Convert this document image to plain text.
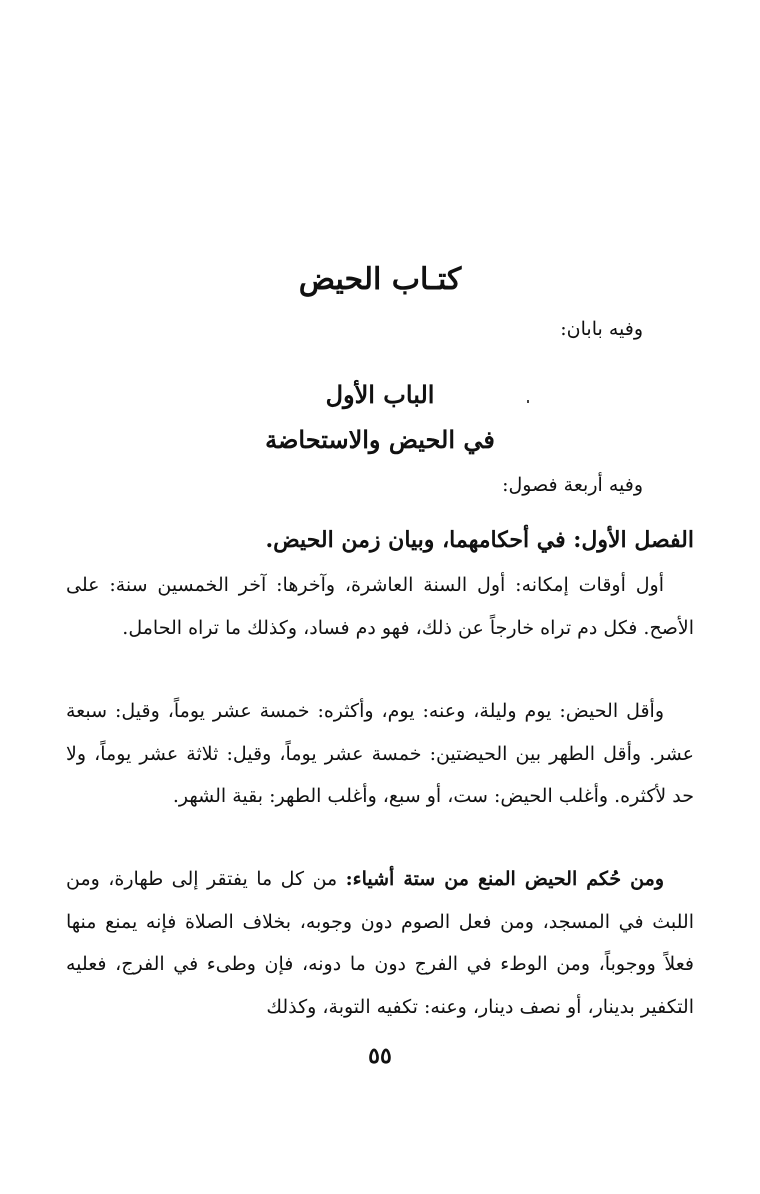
كتـاب الحيض

وفيه بابان:

الباب الأول
في الحيض والاستحاضة

وفيه أربعة فصول:

الفصل الأول: في أحكامهما، وبيان زمن الحيض.

أول أوقات إمكانه: أول السنة العاشرة، وآخرها: آخر الخمسين سنة: على الأصح. فكل دم تراه خارجاً عن ذلك، فهو دم فساد، وكذلك ما تراه الحامل.

وأقل الحيض: يوم وليلة، وعنه: يوم، وأكثره: خمسة عشر يوماً، وقيل: سبعة عشر. وأقل الطهر بين الحيضتين: خمسة عشر يوماً، وقيل: ثلاثة عشر يوماً، ولا حد لأكثره. وأغلب الحيض: ست، أو سبع، وأغلب الطهر: بقية الشهر.

ومن حُكم الحيض المنع من ستة أشياء: من كل ما يفتقر إلى طهارة، ومن اللبث في المسجد، ومن فعل الصوم دون وجوبه، بخلاف الصلاة فإنه يمنع منها فعلاً ووجوباً، ومن الوطء في الفرج دون ما دونه، فإن وطىء في الفرج، فعليه التكفير بدينار، أو نصف دينار، وعنه: تكفيه التوبة، وكذلك

٥٥
